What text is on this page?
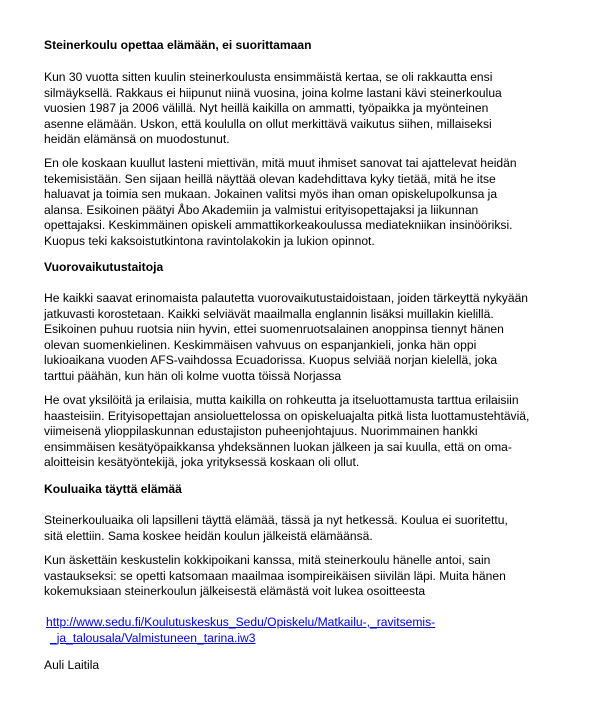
Steinerkoulu opettaa elämään, ei suorittamaan

Kun 30 vuotta sitten kuulin steinerkoulusta ensimmäistä kertaa, se oli rakkautta ensi
silmäyksellä. Rakkaus ei hiipunut niinä vuosina, joina kolme lastani kävi steinerkoulua
vuosien 1987 ja 2006 välillä. Nyt heillä kaikilla on ammatti, työpaikka ja myönteinen
asenne elämään. Uskon, että koululla on ollut merkittävä vaikutus siihen, millaiseksi
heidän elämänsä on muodostunut.
En ole koskaan kuullut lasteni miettivän, mitä muut ihmiset sanovat tai ajattelevat heidän
tekemisistään. Sen sijaan heillä näyttää olevan kadehdittava kyky tietää, mitä he itse
haluavat ja toimia sen mukaan. Jokainen valitsi myös ihan oman opiskelupolkunsa ja
alansa. Esikoinen päätyi Åbo Akademiin ja valmistui erityisopettajaksi ja liikunnan
opettajaksi. Keskimmäinen opiskeli ammattikorkeakoulussa mediatekniikan insinööriksi.
Kuopus teki kaksoistutkintona ravintolakokin ja lukion opinnot.

Vuorovaikutustaitoja

He kaikki saavat erinomaista palautetta vuorovaikutustaidoistaan, joiden tärkeyttä nykyään
jatkuvasti korostetaan. Kaikki selviävät maailmalla englannin lisäksi muillakin kielillä.
Esikoinen puhuu ruotsia niin hyvin, ettei suomenruotsalainen anoppinsa tiennyt hänen
olevan suomenkielinen. Keskimmäisen vahvuus on espanjankieli, jonka hän oppi
lukioaikana vuoden AFS-vaihdossa Ecuadorissa. Kuopus selviää norjan kielellä, joka
tarttui päähän, kun hän oli kolme vuotta töissä Norjassa
He ovat yksilöitä ja erilaisia, mutta kaikilla on rohkeutta ja itseluottamusta tarttua erilaisiin
haasteisiin. Erityisopettajan ansioluettelossa on opiskeluajalta pitkä lista luottamustehtäviä,
viimeisenä ylioppilaskunnan edustajiston puheenjohtajuus. Nuorimmainen hankki
ensimmäisen kesätyöpaikkansa yhdeksännen luokan jälkeen ja sai kuulla, että on oma-
aloitteisin kesätyöntekijä, joka yrityksessä koskaan oli ollut.

Kouluaika täyttä elämää

Steinerkouluaika oli lapsilleni täyttä elämää, tässä ja nyt hetkessä. Koulua ei suoritettu,
sitä elettiin. Sama koskee heidän koulun jälkeistä elämäänsä.
Kun äskettäin keskustelin kokkipoikani kanssa, mitä steinerkoulu hänelle antoi, sain
vastaukseksi: se opetti katsomaan maailmaa isompireikäisen siivilän läpi. Muita hänen
kokemuksiaan steinerkoulun jälkeisestä elämästä voit lukea osoitteesta
http://www.sedu.fi/Koulutuskeskus_Sedu/Opiskelu/Matkailu-,_ravitsemis-
_ja_talousala/Valmistuneen_tarina.iw3
Auli Laitila
